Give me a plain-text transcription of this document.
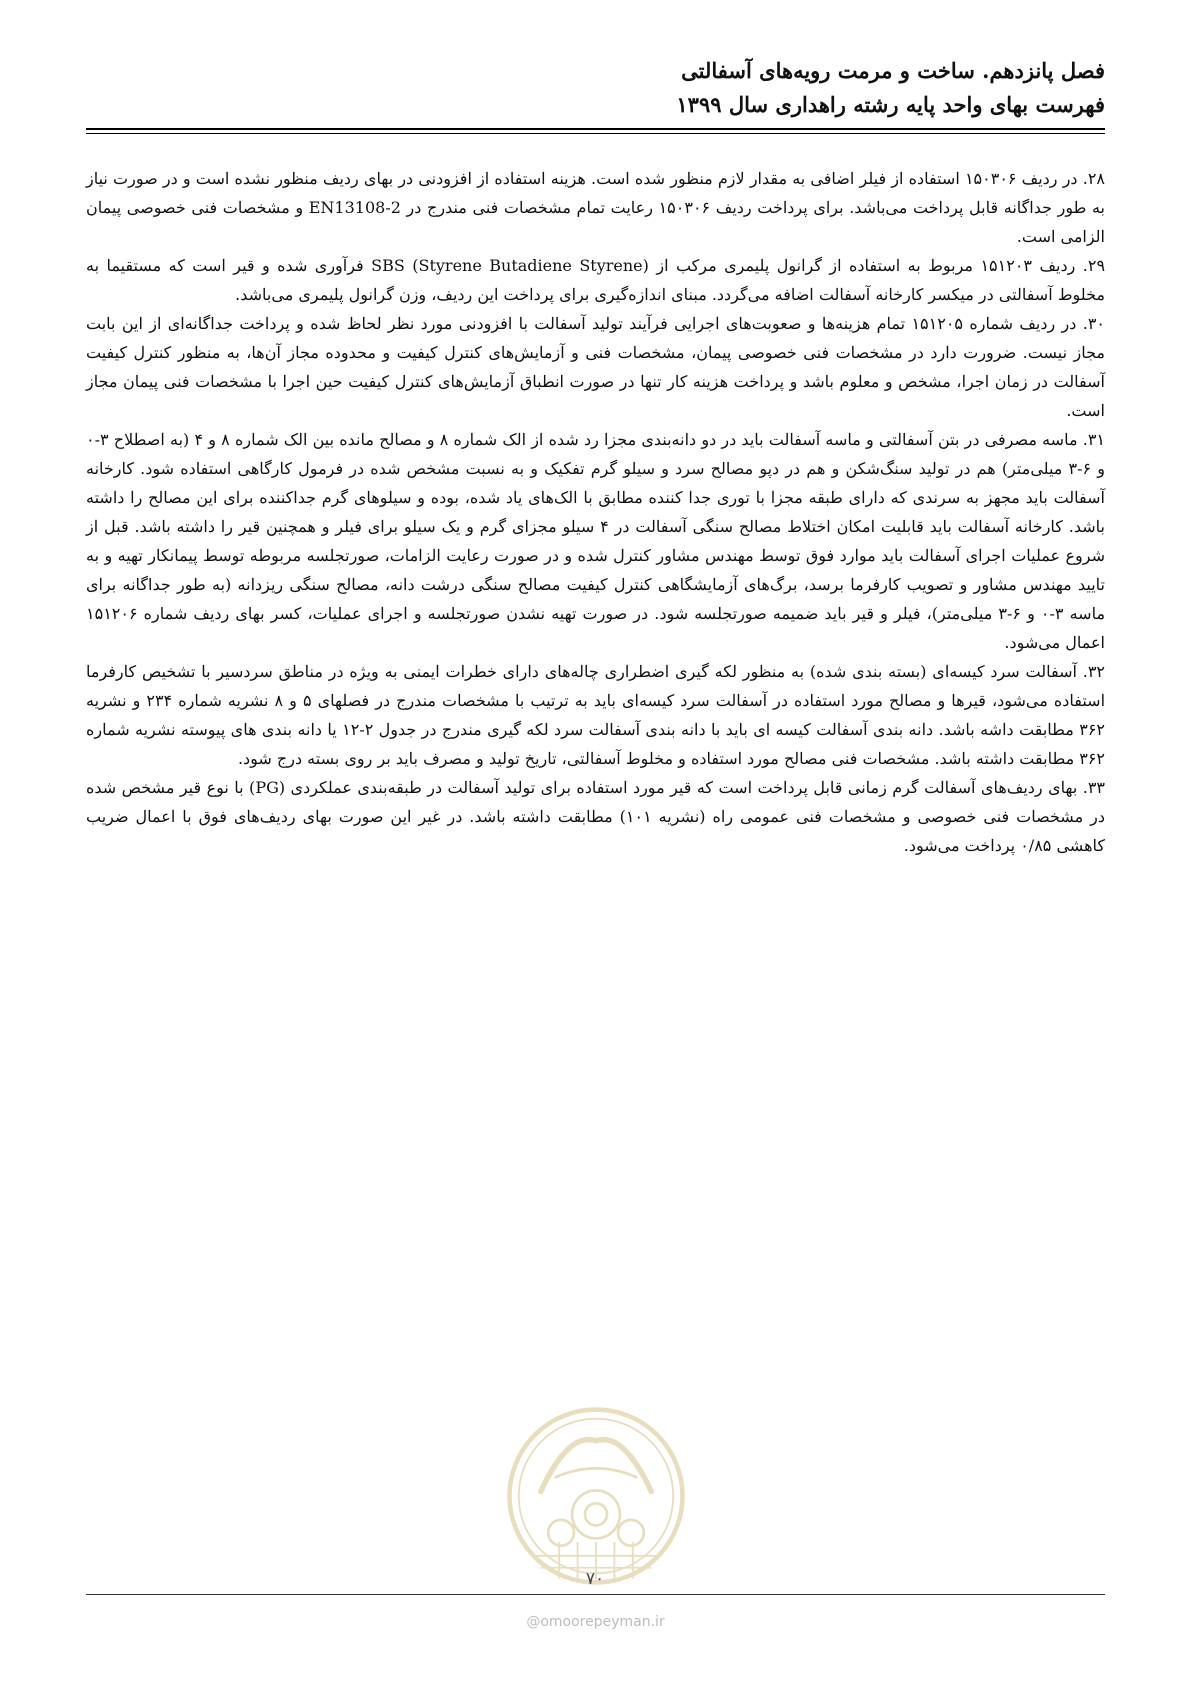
فصل پانزدهم. ساخت و مرمت رویه‌های آسفالتی
فهرست بهای واحد پایه رشته راهداری سال ۱۳۹۹

۲۸. در ردیف ۱۵۰۳۰۶ استفاده از فیلر اضافی به مقدار لازم منظور شده است. هزینه استفاده از افزودنی در بهای ردیف منظور نشده است و در صورت نیاز به طور جداگانه قابل پرداخت می‌باشد. برای پرداخت ردیف ۱۵۰۳۰۶ رعایت تمام مشخصات فنی مندرج در EN13108-2 و مشخصات فنی خصوصی پیمان الزامی است.

۲۹. ردیف ۱۵۱۲۰۳ مربوط به استفاده از گرانول پلیمری مرکب از SBS (Styrene Butadiene Styrene) فرآوری شده و قیر است که مستقیما به مخلوط آسفالتی در میکسر کارخانه آسفالت اضافه می‌گردد. مبنای اندازه‌گیری برای پرداخت این ردیف، وزن گرانول پلیمری می‌باشد.

۳۰. در ردیف شماره ۱۵۱۲۰۵ تمام هزینه‌ها و صعوبت‌های اجرایی فرآیند تولید آسفالت با افزودنی مورد نظر لحاظ شده و پرداخت جداگانه‌ای از این بابت مجاز نیست. ضرورت دارد در مشخصات فنی خصوصی پیمان، مشخصات فنی و آزمایش‌های کنترل کیفیت و محدوده مجاز آن‌ها، به منظور کنترل کیفیت آسفالت در زمان اجرا، مشخص و معلوم باشد و پرداخت هزینه کار تنها در صورت انطباق آزمایش‌های کنترل کیفیت حین اجرا با مشخصات فنی پیمان مجاز است.

۳۱. ماسه مصرفی در بتن آسفالتی و ماسه آسفالت باید در دو دانه‌بندی مجزا رد شده از الک شماره ۸ و مصالح مانده بین الک شماره ۸ و ۴ (به اصطلاح ۳-۰ و ۶-۳ میلی‌متر) هم در تولید سنگ‌شکن و هم در دپو مصالح سرد و سیلو گرم تفکیک و به نسبت مشخص شده در فرمول کارگاهی استفاده شود. کارخانه آسفالت باید مجهز به سرندی که دارای طبقه مجزا با توری جدا کننده مطابق با الک‌های یاد شده، بوده و سیلوهای گرم جداکننده برای این مصالح را داشته باشد. کارخانه آسفالت باید قابلیت امکان اختلاط مصالح سنگی آسفالت در ۴ سیلو مجزای گرم و یک سیلو برای فیلر و همچنین قیر را داشته باشد. قبل از شروع عملیات اجرای آسفالت باید موارد فوق توسط مهندس مشاور کنترل شده و در صورت رعایت الزامات، صورتجلسه مربوطه توسط پیمانکار تهیه و به تایید مهندس مشاور و تصویب کارفرما برسد، برگ‌های آزمایشگاهی کنترل کیفیت مصالح سنگی درشت دانه، مصالح سنگی ریزدانه (به طور جداگانه برای ماسه ۳-۰ و ۶-۳ میلی‌متر)، فیلر و قیر باید ضمیمه صورتجلسه شود. در صورت تهیه نشدن صورتجلسه و اجرای عملیات، کسر بهای ردیف شماره ۱۵۱۲۰۶ اعمال می‌شود.

۳۲. آسفالت سرد کیسه‌ای (بسته بندی شده) به منظور لکه گیری اضطراری چاله‌های دارای خطرات ایمنی به ویژه در مناطق سردسیر با تشخیص کارفرما استفاده می‌شود، قیرها و مصالح مورد استفاده در آسفالت سرد کیسه‌ای باید به ترتیب با مشخصات مندرج در فصلهای ۵ و ۸ نشریه شماره ۲۳۴ و نشریه ۳۶۲ مطابقت داشه باشد. دانه بندی آسفالت کیسه ای باید با دانه بندی آسفالت سرد لکه گیری مندرج در جدول ۲-۱۲ یا دانه بندی های پیوسته نشریه شماره ۳۶۲ مطابقت داشته باشد. مشخصات فنی مصالح مورد استفاده و مخلوط آسفالتی، تاریخ تولید و مصرف باید بر روی بسته درج شود.

۳۳. بهای ردیف‌های آسفالت گرم زمانی قابل پرداخت است که قیر مورد استفاده برای تولید آسفالت در طبقه‌بندی عملکردی (PG) با نوع قیر مشخص شده در مشخصات فنی خصوصی و مشخصات فنی عمومی راه (نشریه ۱۰۱) مطابقت داشته باشد. در غیر این صورت بهای ردیف‌های فوق با اعمال ضریب کاهشی ۰/۸۵ پرداخت می‌شود.

۷۰
@omoorepeyman.ir
